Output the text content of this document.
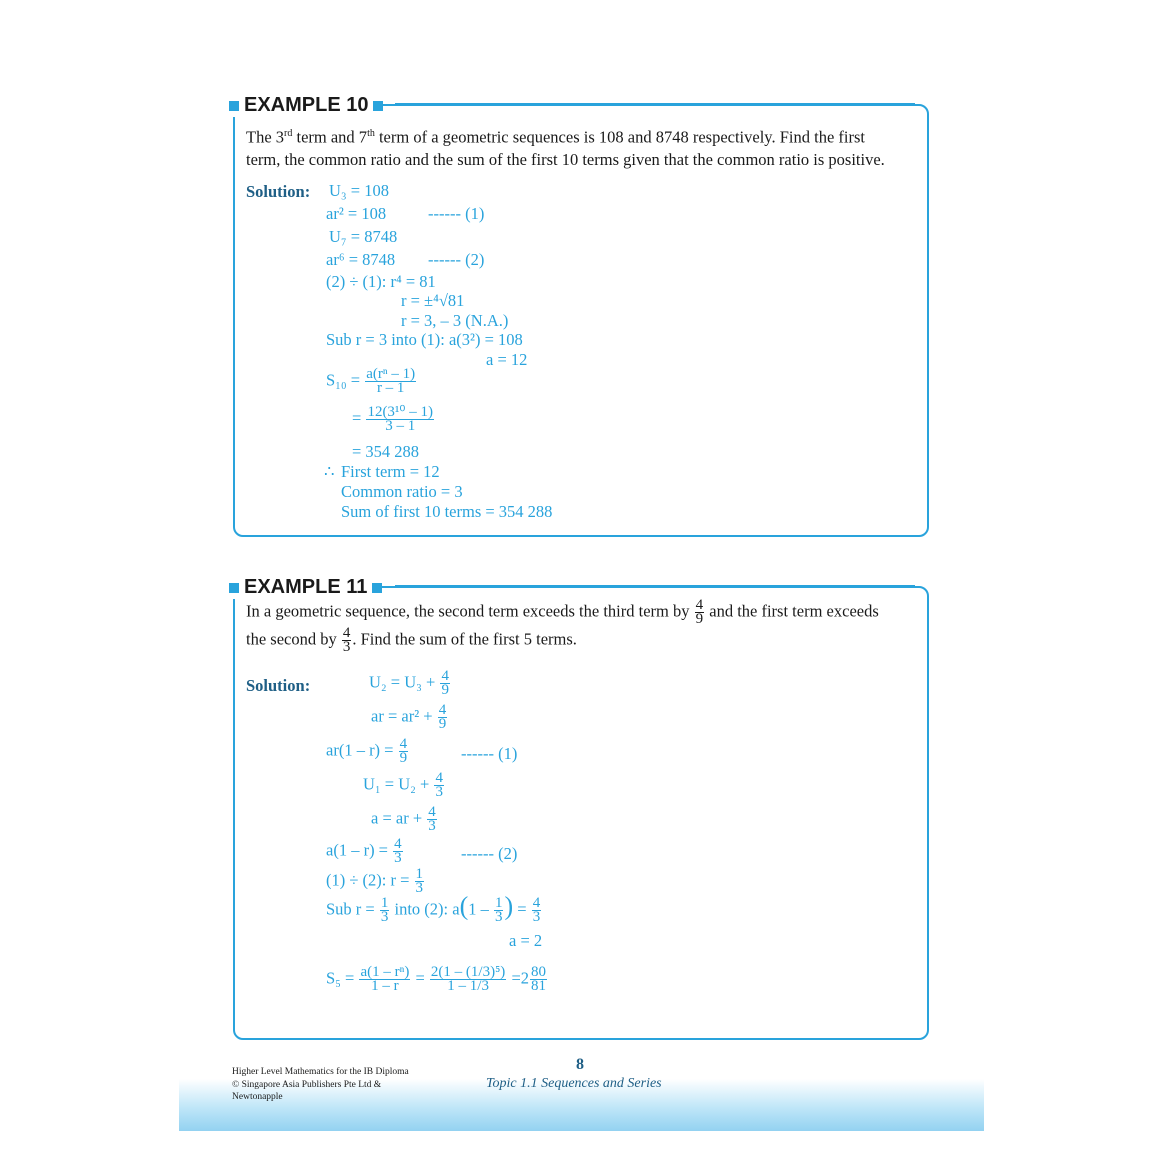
EXAMPLE 10
The 3rd term and 7th term of a geometric sequences is 108 and 8748 respectively. Find the first
term, the common ratio and the sum of the first 10 terms given that the common ratio is positive.
Solution: U₃ = 108
ar² = 108	------ (1)
U₇ = 8748
ar⁶ = 8748 ------ (2)
(2) ÷ (1): r⁴ = 81
r = ±⁴√81
r = 3, – 3 (N.A.)
Sub r = 3 into (1): a(3²) = 108
a = 12
$S_{10} = \frac{\text{a(rⁿ – 1)}}{r - 1}$
= $\frac{\text{12(3¹⁰ – 1)}}{3 - 1}$
= 354 288
∴ First term = 12
Common ratio = 3
Sum of first 10 terms = 354 288
EXAMPLE 11
In a geometric sequence, the second term exceeds the third term by $\frac{4}{9}$ and the first term exceeds
the second by $\frac{4}{3}$ . Find the sum of the first 5 terms.
Solution:	$U_2 = U_3 + \frac{4}{9}$
ar = $ar^2 + \frac{4}{9}$
$ar(1 - r) = \frac{4}{9}$	------ (1)
$U_1 = U_2 + \frac{4}{3}$
a = ar + $\frac{4}{3}$
$a(1 - r) = \frac{4}{3}$	------ (2)
(1) ÷ (2): $r = \frac{1}{3}$
Sub $r = \frac{1}{3}$ into (2): $a(1 - \frac{1}{3}$ ) = $\frac{4}{3}$
a = 2
$S_5 = \frac{\text{a(1 – rⁿ)}}{1 - r} = \frac{\text{2(1 – (1/3)⁵)}}{1 - 1/3} =2 \frac{80}{81}$
Higher Level Mathematics for the IB Diploma
© Singapore Asia Publishers Pte Ltd &
Newtonapple
8
Topic 1.1 Sequences and Series
